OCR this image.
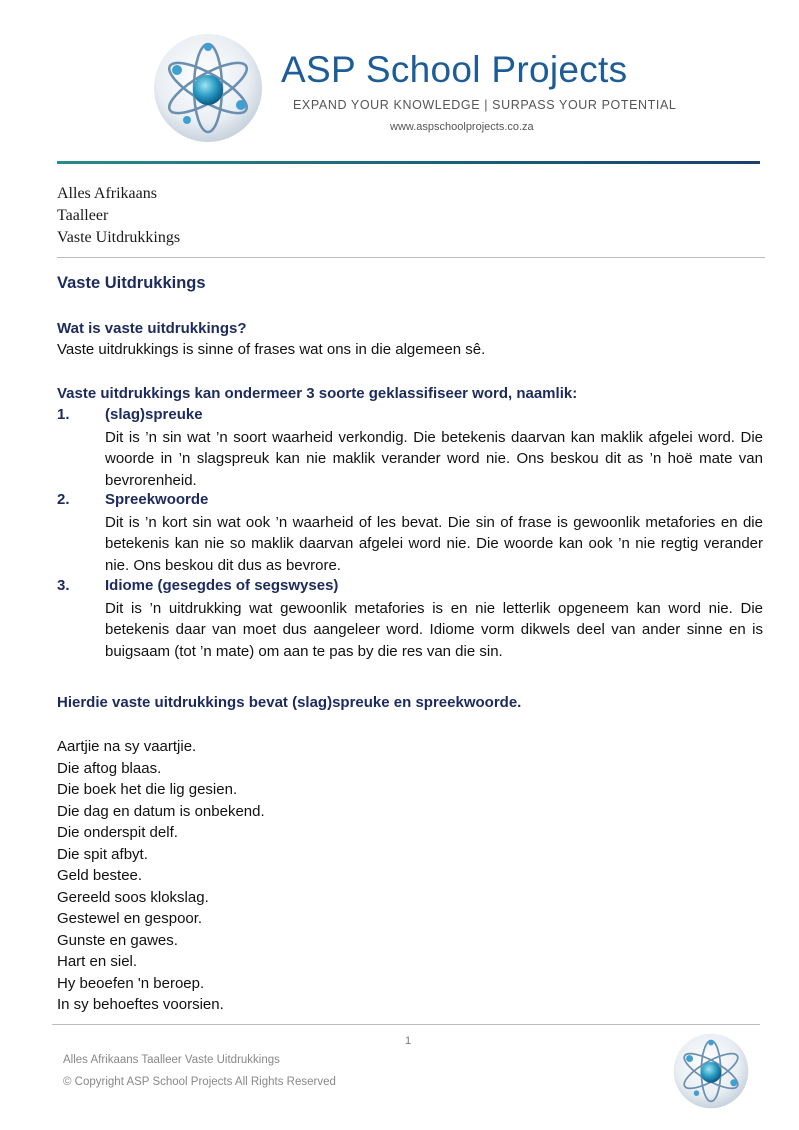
ASP School Projects
EXPAND YOUR KNOWLEDGE | SURPASS YOUR POTENTIAL
www.aspschoolprojects.co.za
Alles Afrikaans
Taalleer
Vaste Uitdrukkings
Vaste Uitdrukkings
Wat is vaste uitdrukkings?
Vaste uitdrukkings is sinne of frases wat ons in die algemeen sê.
Vaste uitdrukkings kan ondermeer 3 soorte geklassifiseer word, naamlik:
1. (slag)spreuke
Dit is ’n sin wat ’n soort waarheid verkondig. Die betekenis daarvan kan maklik afgelei word. Die woorde in ’n slagspreuk kan nie maklik verander word nie. Ons beskou dit as ’n hoë mate van bevrorenheid.
2. Spreekwoorde
Dit is ’n kort sin wat ook ’n waarheid of les bevat. Die sin of frase is gewoonlik metafories en die betekenis kan nie so maklik daarvan afgelei word nie. Die woorde kan ook ’n nie regtig verander nie. Ons beskou dit dus as bevrore.
3. Idiome (gesegdes of segswyses)
Dit is ’n uitdrukking wat gewoonlik metafories is en nie letterlik opgeneem kan word nie. Die betekenis daar van moet dus aangeleer word. Idiome vorm dikwels deel van ander sinne en is buigsaam (tot ’n mate) om aan te pas by die res van die sin.
Hierdie vaste uitdrukkings bevat (slag)spreuke en spreekwoorde.
Aartjie na sy vaartjie.
Die aftog blaas.
Die boek het die lig gesien.
Die dag en datum is onbekend.
Die onderspit delf.
Die spit afbyt.
Geld bestee.
Gereeld soos klokslag.
Gestewel en gespoor.
Gunste en gawes.
Hart en siel.
Hy beoefen 'n beroep.
In sy behoeftes voorsien.
1
Alles Afrikaans Taalleer Vaste Uitdrukkings
© Copyright ASP School Projects All Rights Reserved
